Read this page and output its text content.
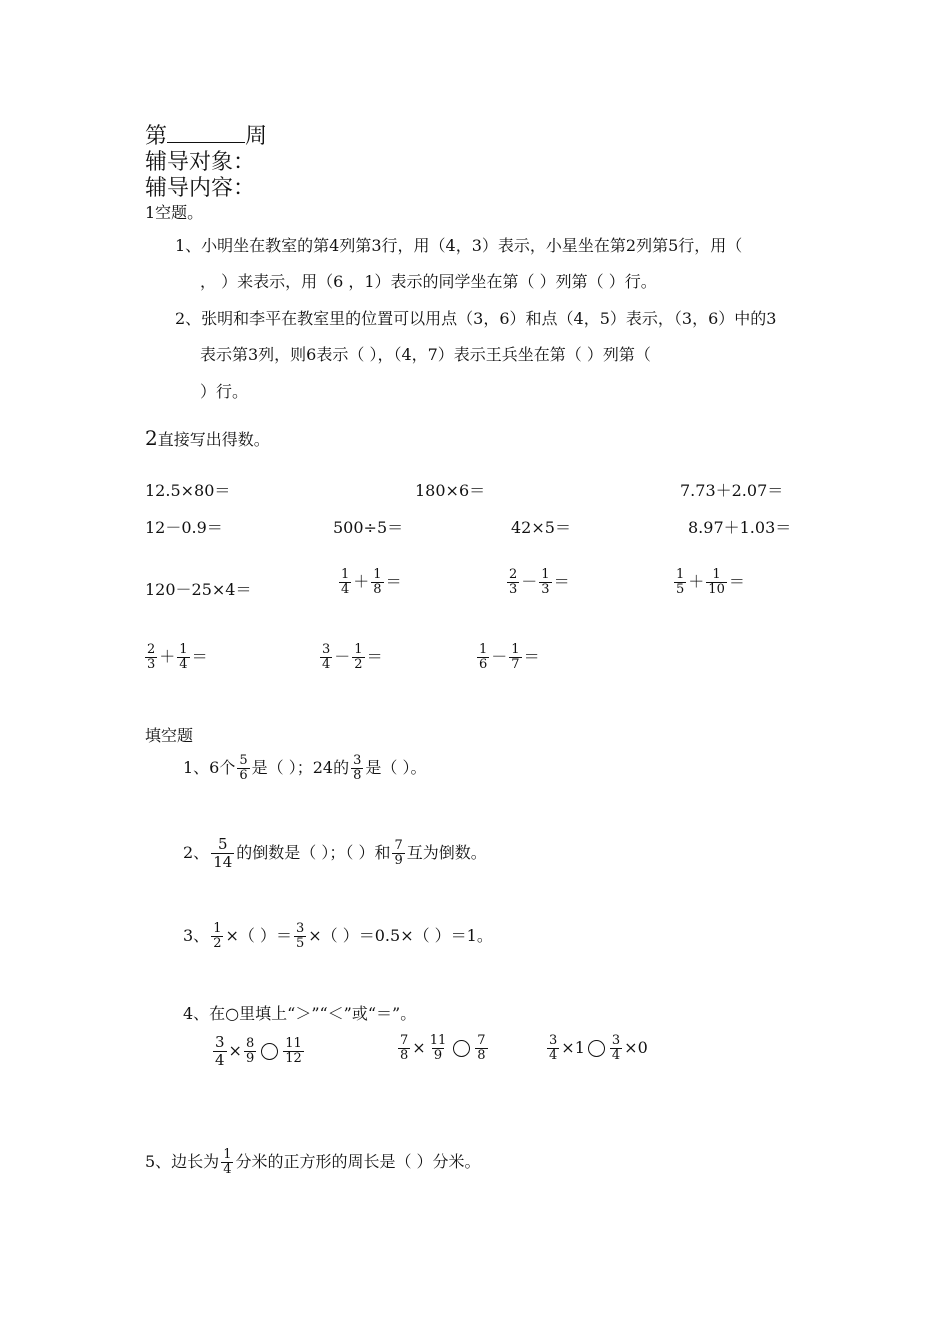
第	周
辅导对象：
辅导内容：
1空题。
1、小明坐在教室的第4列第3行，用（4，3）表示，小星坐在第2列第5行，用（
， ）来表示，用（6 ，1）表示的同学坐在第（ ）列第（ ）行。
2、张明和李平在教室里的位置可以用点（3，6）和点（4，5）表示，（3，6）中的3
表示第3列，则6表示（ ），（4，7）表示王兵坐在第（ ）列第（
）行。
2直接写出得数。
12.5×80＝	180×6＝	7.73＋2.07＝
12－0.9＝	500÷5＝	42×5＝	8.97＋1.03＝
120－25×4＝	$\frac{1}{4} + \frac{1}{8}$ ＝	$\frac{2}{3} - \frac{1}{3}$ ＝	$\frac{1}{5} + \frac{1}{10}$ ＝
$\frac{2}{3} + \frac{1}{4}$ ＝	$\frac{3}{4} - \frac{1}{2}$ ＝	$\frac{1}{6} - \frac{1}{7}$ ＝
填空题
1、6个 $\frac{5}{6}$ 是（ ）；24的 $\frac{3}{8}$ 是（ ）。
2、 $\frac{5}{14}$ 的倒数是（ ）；（ ）和 $\frac{7}{9}$ 互为倒数。
3、 $\frac{1}{2}$ ×（ ）＝ $\frac{3}{5}$ ×（ ）＝0.5×（ ）＝1。
4、在○里填上“＞”“＜”或“＝”。
$\frac{3}{4} \times \frac{8}{9} \frac{11}{12}$	$\frac{7}{8} \times \frac{11}{9} \frac{7}{8}$	$\frac{3}{4} \times 1 \frac{3}{4} \times 0$
5、边长为 $\frac{1}{4}$ 分米的正方形的周长是（ ）分米。
